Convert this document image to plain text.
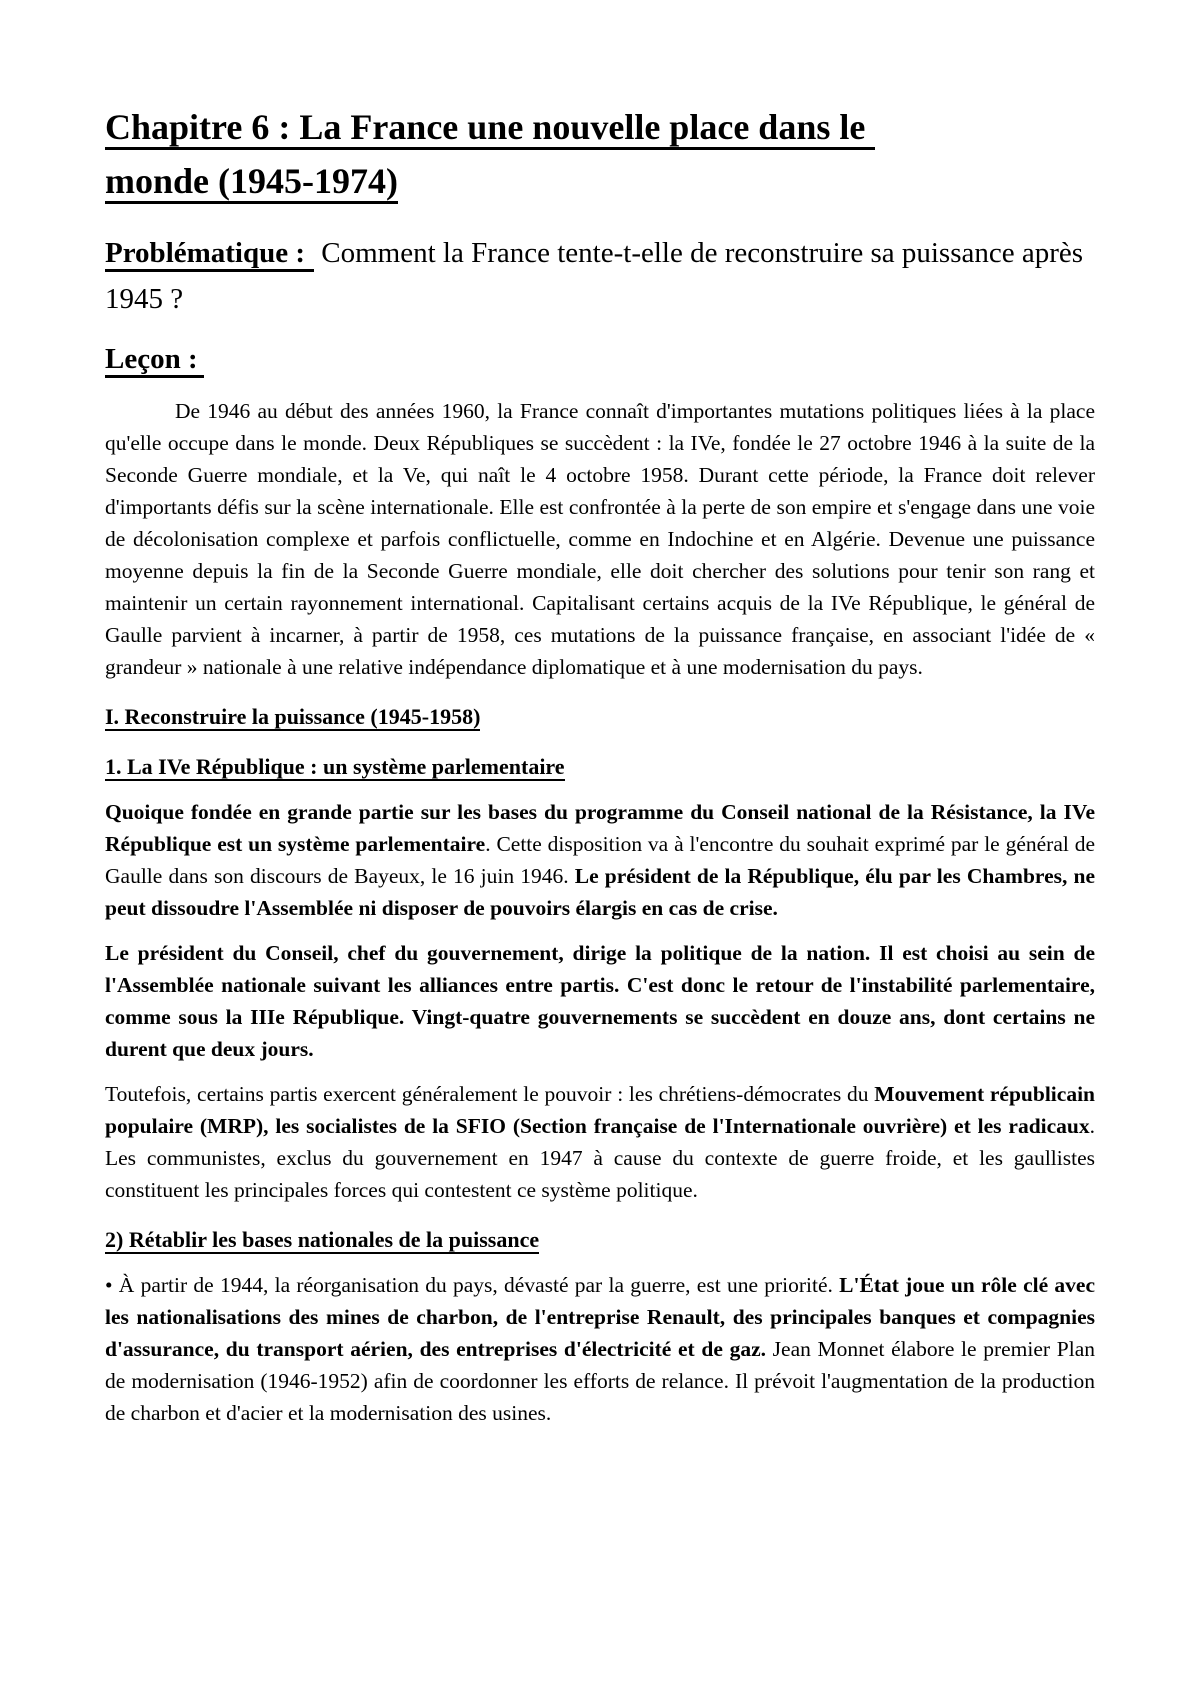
Chapitre 6 : La France une nouvelle place dans le
monde (1945-1974)
Problématique : Comment la France tente-t-elle de reconstruire sa puissance après 1945 ?
Leçon :

De 1946 au début des années 1960, la France connaît d'importantes mutations politiques liées à la place qu'elle occupe dans le monde. Deux Républiques se succèdent : la IVe, fondée le 27 octobre 1946 à la suite de la Seconde Guerre mondiale, et la Ve, qui naît le 4 octobre 1958. Durant cette période, la France doit relever d'importants défis sur la scène internationale. Elle est confrontée à la perte de son empire et s'engage dans une voie de décolonisation complexe et parfois conflictuelle, comme en Indochine et en Algérie. Devenue une puissance moyenne depuis la fin de la Seconde Guerre mondiale, elle doit chercher des solutions pour tenir son rang et maintenir un certain rayonnement international. Capitalisant certains acquis de la IVe République, le général de Gaulle parvient à incarner, à partir de 1958, ces mutations de la puissance française, en associant l'idée de « grandeur » nationale à une relative indépendance diplomatique et à une modernisation du pays.

I. Reconstruire la puissance (1945-1958)
1. La IVe République : un système parlementaire

Quoique fondée en grande partie sur les bases du programme du Conseil national de la Résistance, la IVe République est un système parlementaire. Cette disposition va à l'encontre du souhait exprimé par le général de Gaulle dans son discours de Bayeux, le 16 juin 1946. Le président de la République, élu par les Chambres, ne peut dissoudre l'Assemblée ni disposer de pouvoirs élargis en cas de crise.

Le président du Conseil, chef du gouvernement, dirige la politique de la nation. Il est choisi au sein de l'Assemblée nationale suivant les alliances entre partis. C'est donc le retour de l'instabilité parlementaire, comme sous la IIIe République. Vingt-quatre gouvernements se succèdent en douze ans, dont certains ne durent que deux jours.

Toutefois, certains partis exercent généralement le pouvoir : les chrétiens-démocrates du Mouvement républicain populaire (MRP), les socialistes de la SFIO (Section française de l'Internationale ouvrière) et les radicaux. Les communistes, exclus du gouvernement en 1947 à cause du contexte de guerre froide, et les gaullistes constituent les principales forces qui contestent ce système politique.

2) Rétablir les bases nationales de la puissance

• À partir de 1944, la réorganisation du pays, dévasté par la guerre, est une priorité. L'État joue un rôle clé avec les nationalisations des mines de charbon, de l'entreprise Renault, des principales banques et compagnies d'assurance, du transport aérien, des entreprises d'électricité et de gaz. Jean Monnet élabore le premier Plan de modernisation (1946-1952) afin de coordonner les efforts de relance. Il prévoit l'augmentation de la production de charbon et d'acier et la modernisation des usines.
